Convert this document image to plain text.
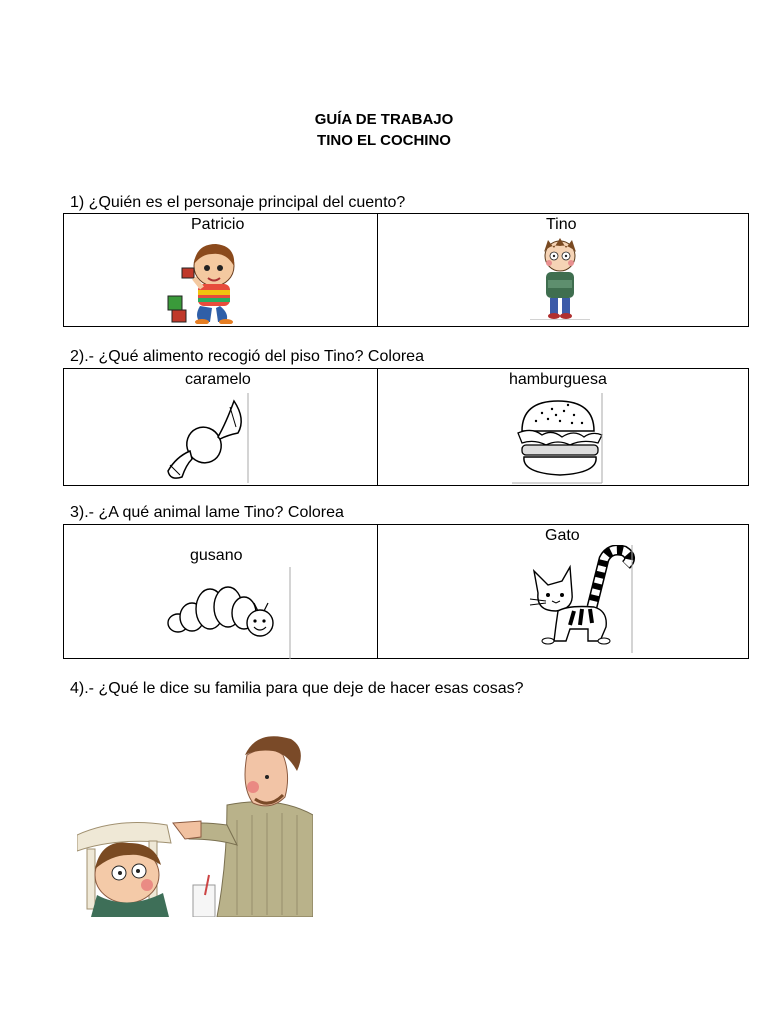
GUÍA DE TRABAJO
TINO EL COCHINO
1) ¿Quién es el personaje principal del cuento?
Patricio	Tino
2).- ¿Qué alimento recogió del piso Tino? Colorea
caramelo	hamburguesa
3).- ¿A qué animal lame Tino? Colorea
gusano
Gato
4).- ¿Qué le dice su familia para que deje de hacer esas cosas?
